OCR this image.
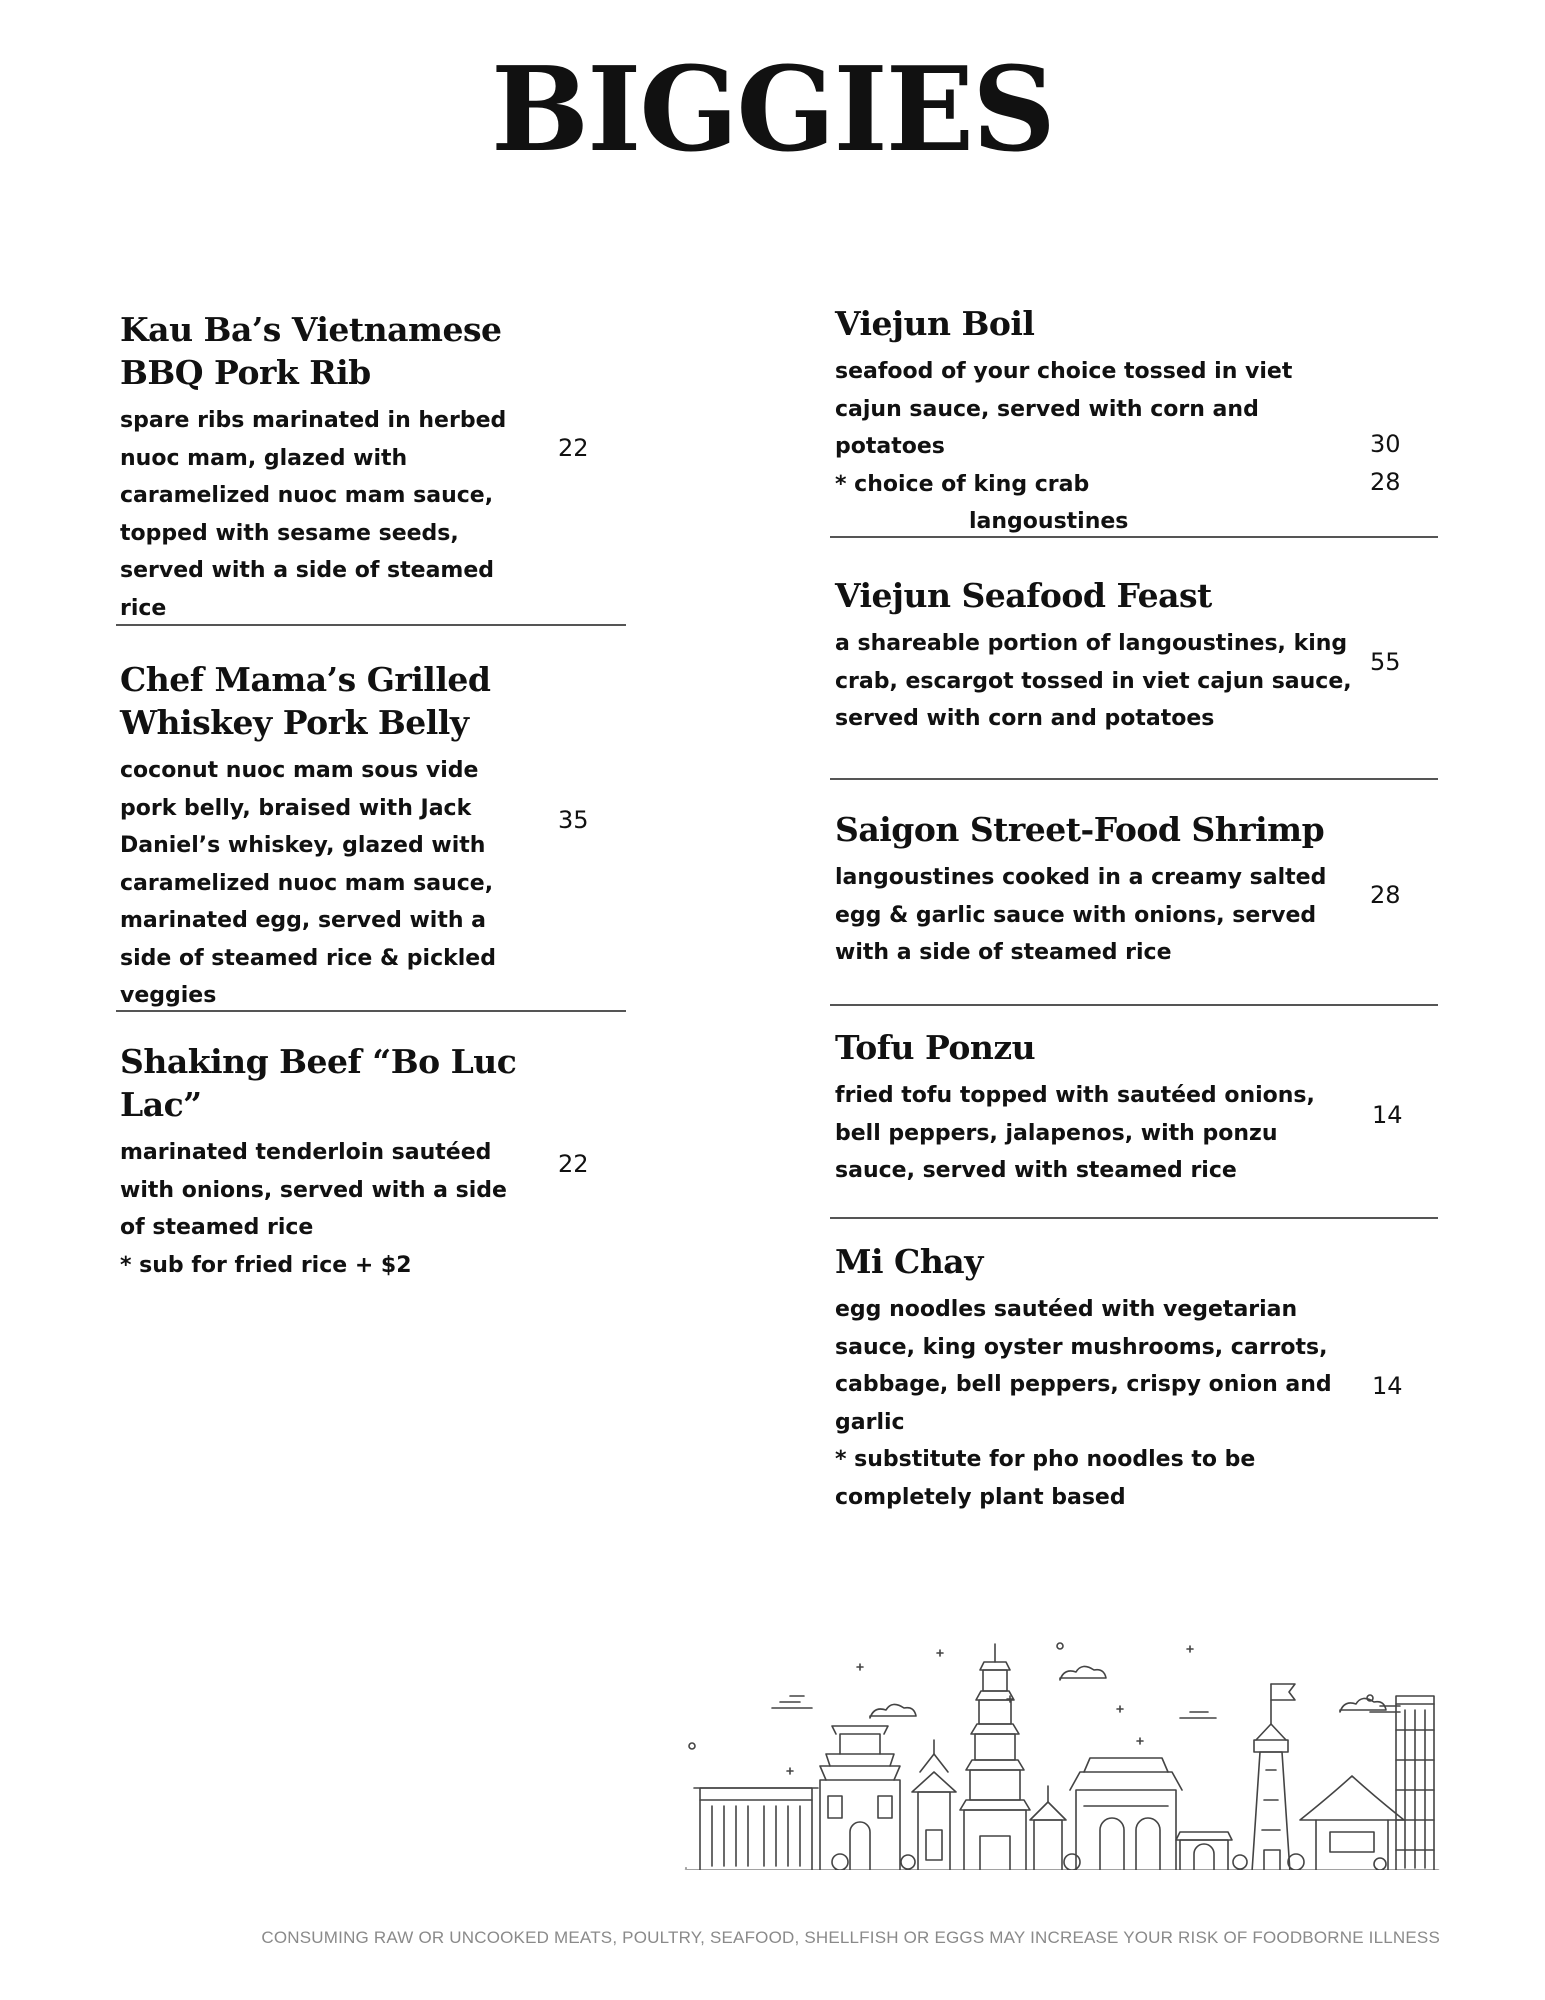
BIGGIES
Kau Ba’s Vietnamese BBQ Pork Rib
spare ribs marinated in herbed nuoc mam, glazed with caramelized nuoc mam sauce, topped with sesame seeds, served with a side of steamed rice
22
Chef Mama’s Grilled Whiskey Pork Belly
coconut nuoc mam sous vide pork belly, braised with Jack Daniel’s whiskey, glazed with caramelized nuoc mam sauce, marinated egg, served with a side of steamed rice & pickled veggies
35
Shaking Beef “Bo Luc Lac”
marinated tenderloin sautéed with onions, served with a side of steamed rice
* sub for fried rice + $2
22
Viejun Boil
seafood of your choice tossed in viet cajun sauce, served with corn and potatoes
* choice of king crab
langoustines
30
28
Viejun Seafood Feast
a shareable portion of langoustines, king crab, escargot tossed in viet cajun sauce, served with corn and potatoes
55
Saigon Street-Food Shrimp
langoustines cooked in a creamy salted egg & garlic sauce with onions, served with a side of steamed rice
28
Tofu Ponzu
fried tofu topped with sautéed onions, bell peppers, jalapenos, with ponzu sauce, served with steamed rice
14
Mi Chay
egg noodles sautéed with vegetarian sauce, king oyster mushrooms, carrots, cabbage, bell peppers, crispy onion and garlic
* substitute for pho noodles to be completely plant based
14
CONSUMING RAW OR UNCOOKED MEATS, POULTRY, SEAFOOD, SHELLFISH OR EGGS MAY INCREASE YOUR RISK OF FOODBORNE ILLNESS
